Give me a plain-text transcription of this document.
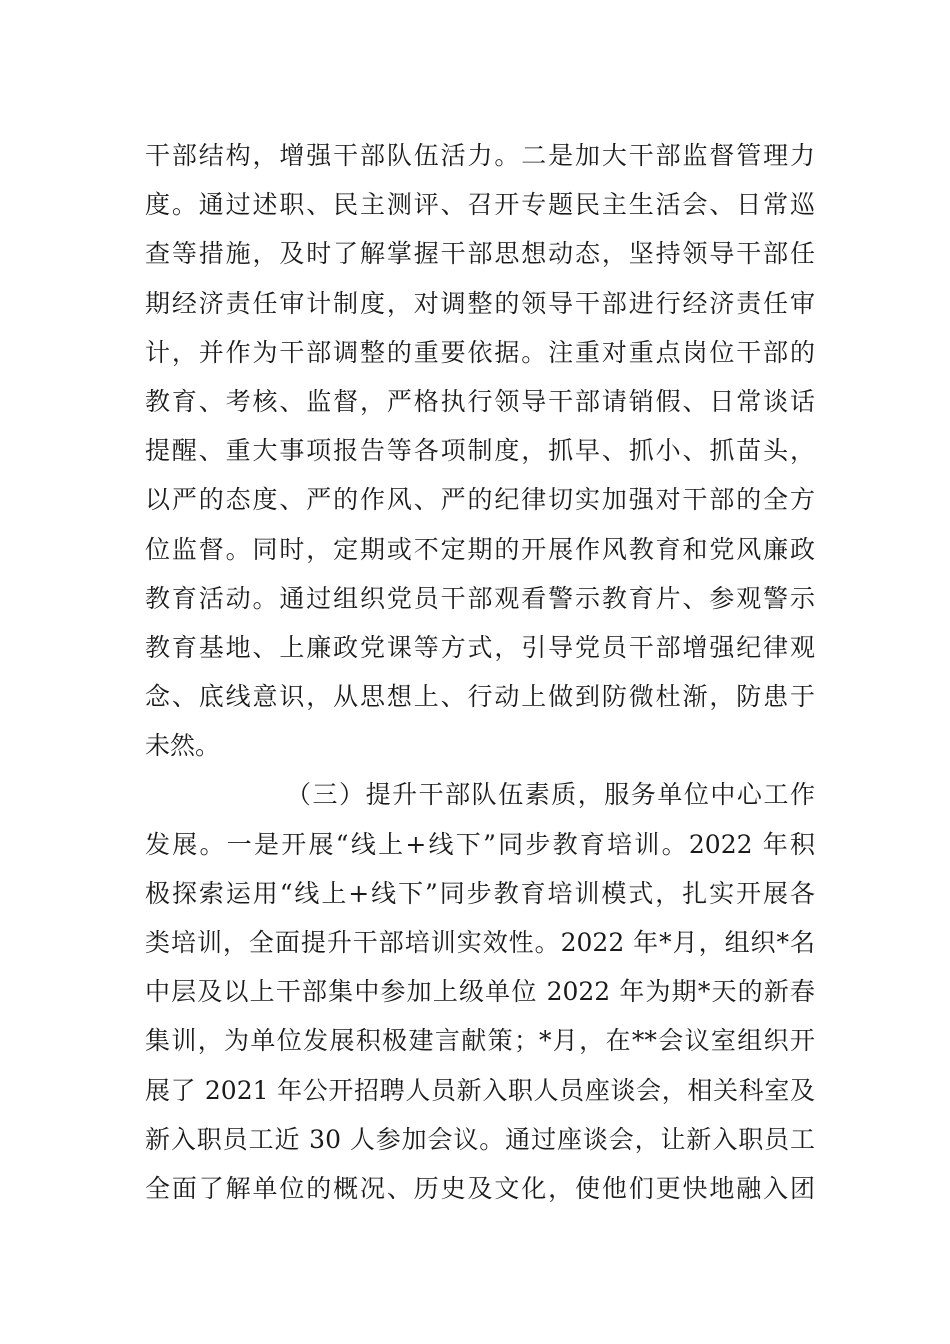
干部结构，增强干部队伍活力。二是加大干部监督管理力
度。通过述职、民主测评、召开专题民主生活会、日常巡
查等措施，及时了解掌握干部思想动态，坚持领导干部任
期经济责任审计制度，对调整的领导干部进行经济责任审
计，并作为干部调整的重要依据。注重对重点岗位干部的
教育、考核、监督，严格执行领导干部请销假、日常谈话
提醒、重大事项报告等各项制度，抓早、抓小、抓苗头，
以严的态度、严的作风、严的纪律切实加强对干部的全方
位监督。同时，定期或不定期的开展作风教育和党风廉政
教育活动。通过组织党员干部观看警示教育片、参观警示
教育基地、上廉政党课等方式，引导党员干部增强纪律观
念、底线意识，从思想上、行动上做到防微杜渐，防患于
未然。
（三）提升干部队伍素质，服务单位中心工作
发展。一是开展“线上+线下”同步教育培训。2022 年积
极探索运用“线上+线下”同步教育培训模式，扎实开展各
类培训，全面提升干部培训实效性。2022 年*月，组织*名
中层及以上干部集中参加上级单位 2022 年为期*天的新春
集训，为单位发展积极建言献策；*月，在**会议室组织开
展了 2021 年公开招聘人员新入职人员座谈会，相关科室及
新入职员工近 30 人参加会议。通过座谈会，让新入职员工
全面了解单位的概况、历史及文化，使他们更快地融入团
